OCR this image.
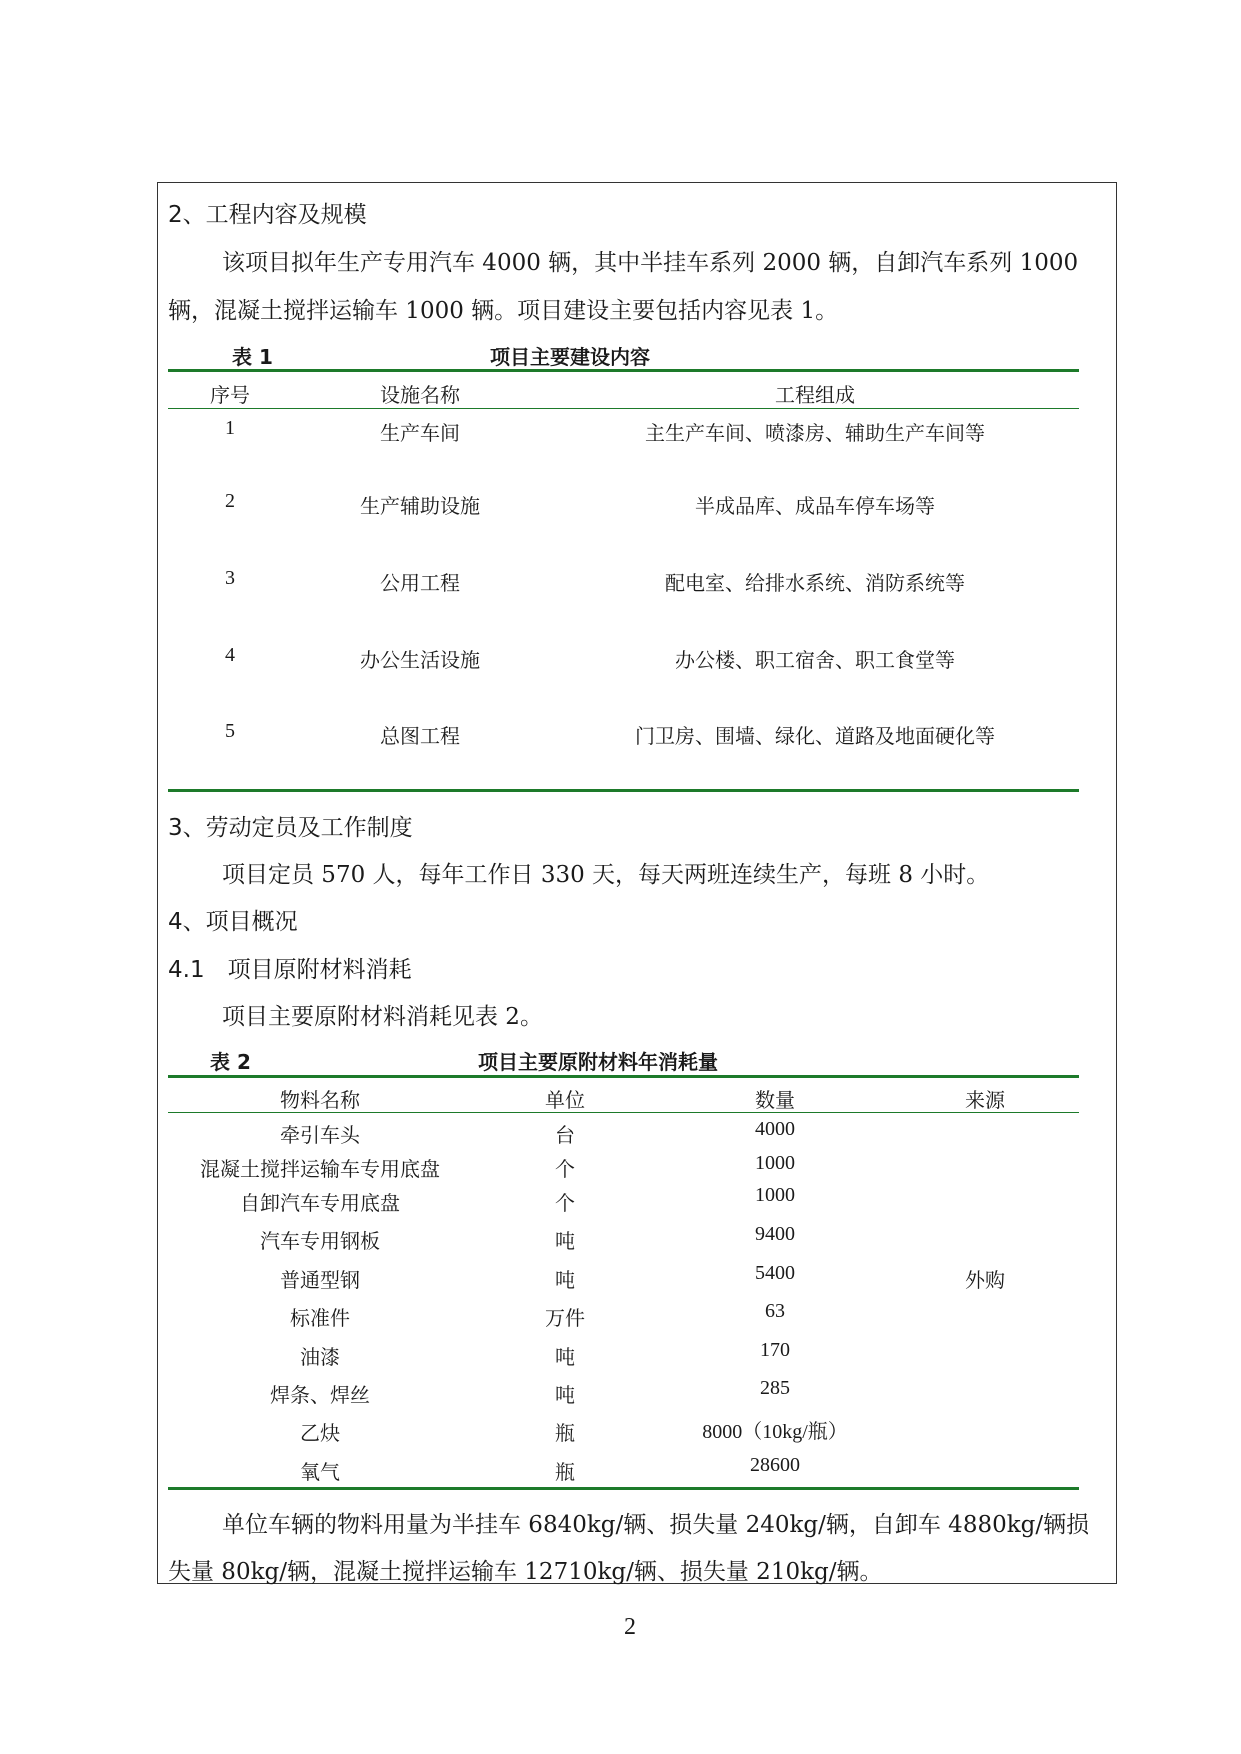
2、工程内容及规模
该项目拟年生产专用汽车 4000 辆，其中半挂车系列 2000 辆，自卸汽车系列 1000
辆，混凝土搅拌运输车 1000 辆。项目建设主要包括内容见表 1。
表 1	项目主要建设内容
序号	设施名称	工程组成
1	生产车间	主生产车间、喷漆房、辅助生产车间等
2	生产辅助设施	半成品库、成品车停车场等
3	公用工程	配电室、给排水系统、消防系统等
4	办公生活设施	办公楼、职工宿舍、职工食堂等
5	总图工程	门卫房、围墙、绿化、道路及地面硬化等
3、劳动定员及工作制度
项目定员 570 人，每年工作日 330 天，每天两班连续生产，每班 8 小时。
4、项目概况
4.1　项目原附材料消耗
项目主要原附材料消耗见表 2。
表 2	项目主要原附材料年消耗量
物料名称	单位	数量	来源
牵引车头	台	4000
混凝土搅拌运输车专用底盘	个	1000
自卸汽车专用底盘	个	1000
汽车专用钢板	吨	9400
普通型钢	吨	5400	外购
标准件	万件	63
油漆	吨	170
焊条、焊丝	吨	285
乙炔	瓶	8000（10kg/瓶）
氧气	瓶	28600
单位车辆的物料用量为半挂车 6840kg/辆、损失量 240kg/辆，自卸车 4880kg/辆损
失量 80kg/辆，混凝土搅拌运输车 12710kg/辆、损失量 210kg/辆。
2
